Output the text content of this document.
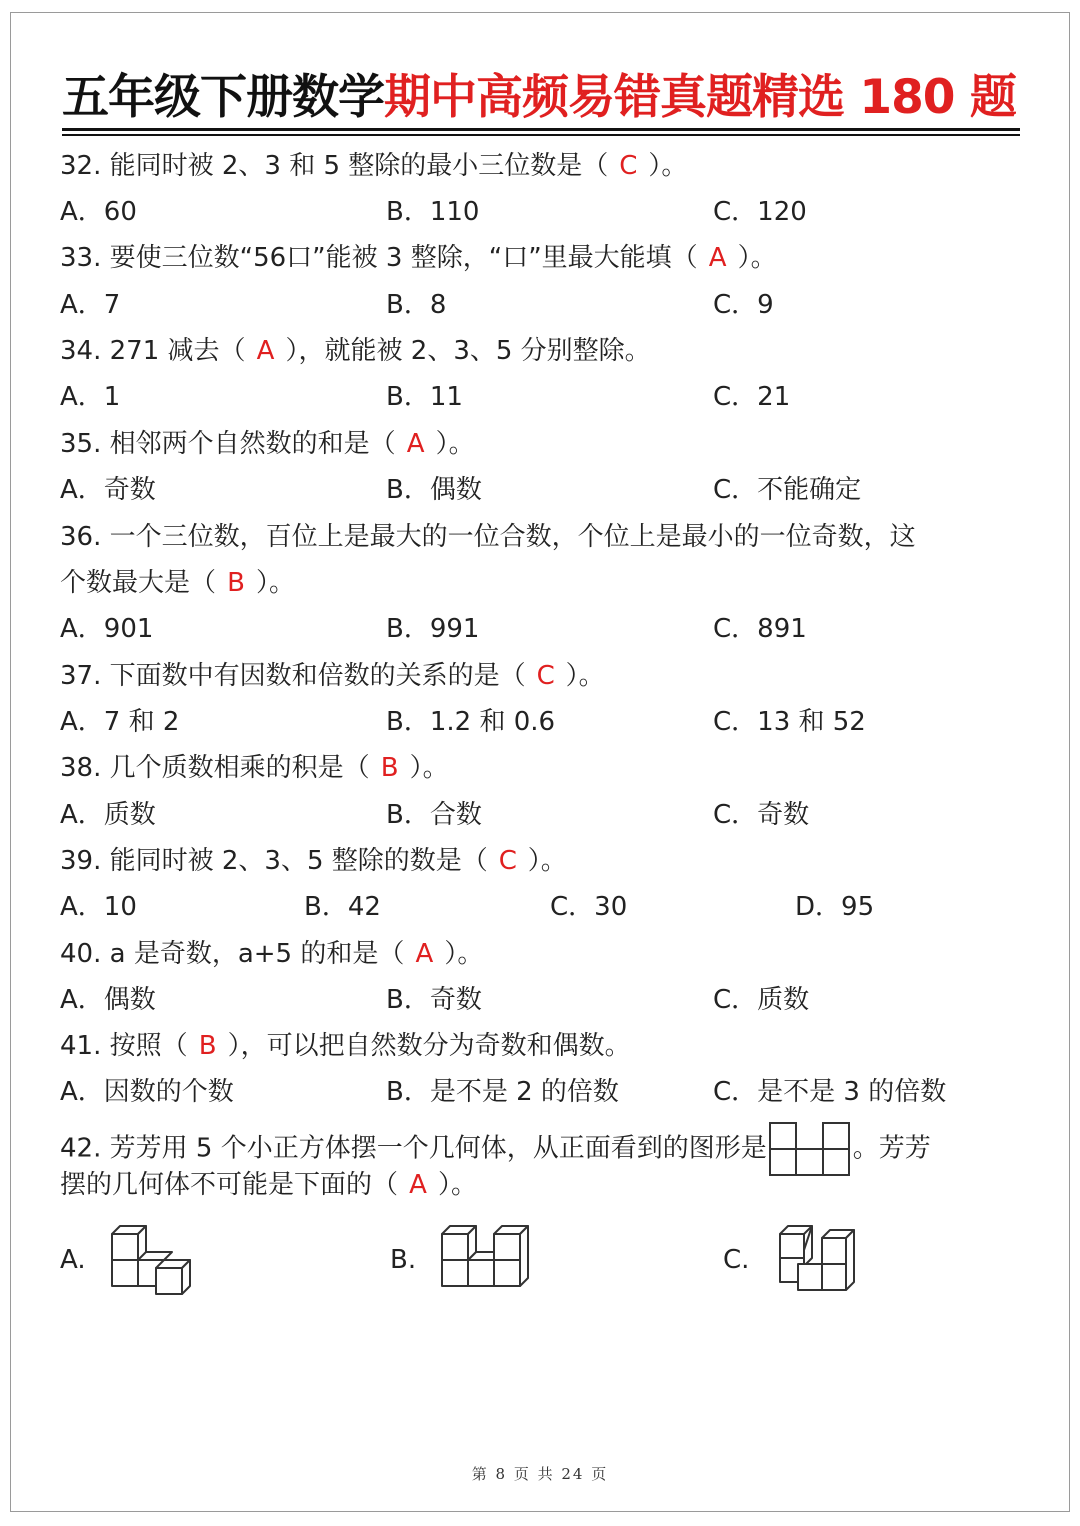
五年级下册数学期中高频易错真题精选 180 题
32. 能同时被 2、3 和 5 整除的最小三位数是（ C ）。
A．60	B．110	C．120
33. 要使三位数“56口”能被 3 整除，“口”里最大能填（ A ）。
A．7	B．8	C．9
34. 271 减去（ A ），就能被 2、3、5 分别整除。
A．1	B．11	C．21
35. 相邻两个自然数的和是（ A ）。
A．奇数	B．偶数	C．不能确定
36. 一个三位数，百位上是最大的一位合数，个位上是最小的一位奇数，这
个数最大是（ B ）。
A．901	B．991	C．891
37. 下面数中有因数和倍数的关系的是（ C ）。
A．7 和 2	B．1.2 和 0.6	C．13 和 52
38. 几个质数相乘的积是（ B ）。
A．质数	B．合数	C．奇数
39. 能同时被 2、3、5 整除的数是（ C ）。
A．10	B．42	C．30	D．95
40. a 是奇数，a+5 的和是（ A ）。
A．偶数	B．奇数	C．质数
41. 按照（ B ），可以把自然数分为奇数和偶数。
A．因数的个数	B．是不是 2 的倍数	C．是不是 3 的倍数
42. 芳芳用 5 个小正方体摆一个几何体，从正面看到的图形是	。芳芳
摆的几何体不可能是下面的（ A ）。
A.	B.	C.
第 8 页 共 24 页
